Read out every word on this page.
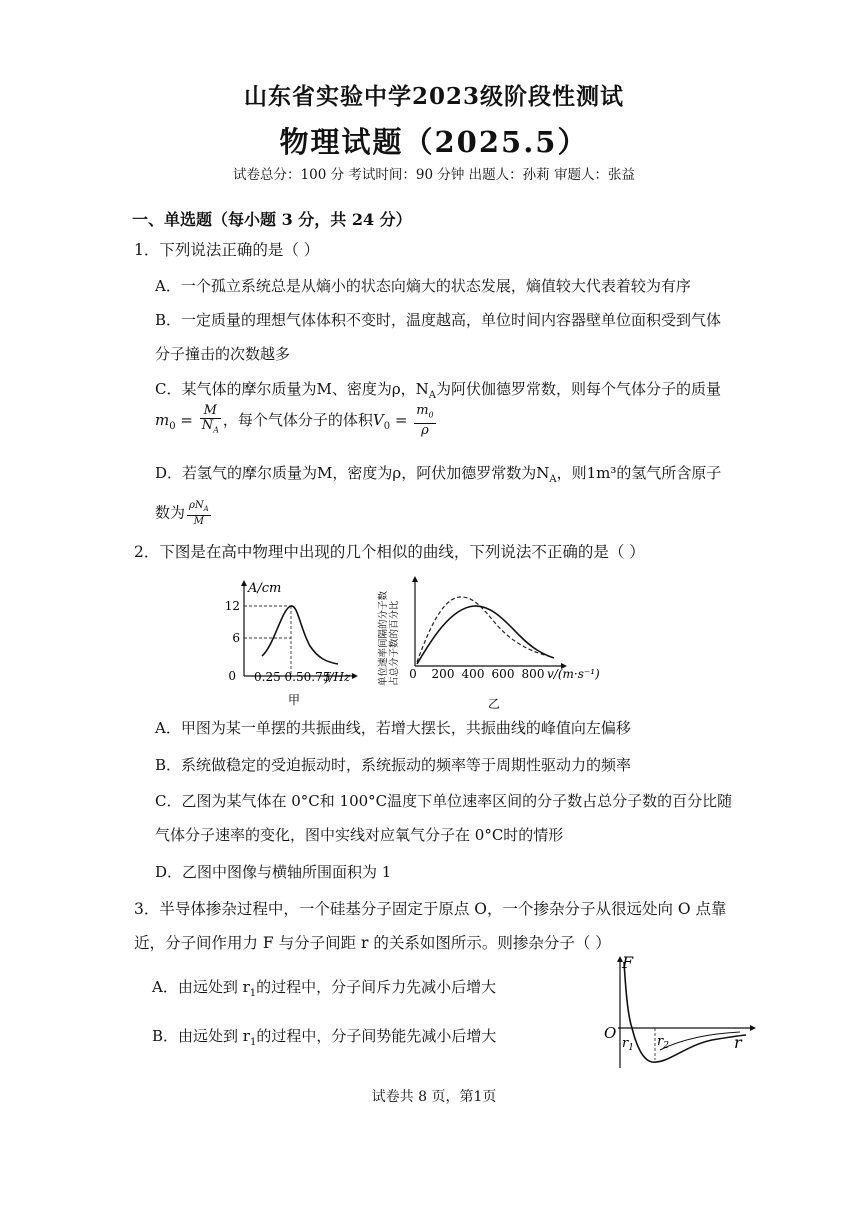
山东省实验中学2023级阶段性测试
物理试题（2025.5）
试卷总分：100 分 考试时间：90 分钟 出题人：孙莉 审题人：张益
一、单选题（每小题 3 分，共 24 分）
1．下列说法正确的是（ ）
A．一个孤立系统总是从熵小的状态向熵大的状态发展，熵值较大代表着较为有序
B．一定质量的理想气体体积不变时，温度越高，单位时间内容器壁单位面积受到气体
分子撞击的次数越多
C．某气体的摩尔质量为M、密度为ρ，$N_A$为阿伏伽德罗常数，则每个气体分子的质量
$m_0 = \frac{M}{N_A}$ ，每个气体分子的体积$V_0 = \frac{m_0}{\rho}$
D．若氢气的摩尔质量为M，密度为ρ，阿伏加德罗常数为$N_A$，则1m³的氢气所含原子
数为 $\frac{\rho N_A}{M}$
2．下图是在高中物理中出现的几个相似的曲线，下列说法不正确的是（ ）
A/cm
12
6
0 0.25 0.50.75
f/Hz
甲
单位速率间隔的分子数 占总分子数的百分比 0 200 400 600 800 v/(m·s⁻¹)
乙
A．甲图为某一单摆的共振曲线，若增大摆长，共振曲线的峰值向左偏移
B．系统做稳定的受迫振动时，系统振动的频率等于周期性驱动力的频率
C．乙图为某气体在 0°C和 100°C温度下单位速率区间的分子数占总分子数的百分比随
气体分子速率的变化，图中实线对应氧气分子在 0°C时的情形
D．乙图中图像与横轴所围面积为 1
3．半导体掺杂过程中，一个硅基分子固定于原点 O，一个掺杂分子从很远处向 O 点靠
近，分子间作用力 F 与分子间距 r 的关系如图所示。则掺杂分子（ ）
A．由远处到 $r_1$的过程中，分子间斥力先减小后增大
B．由远处到 $r_1$的过程中，分子间势能先减小后增大
F
O
$r_1$ $r_2$	r
试卷共 8 页，第1页
